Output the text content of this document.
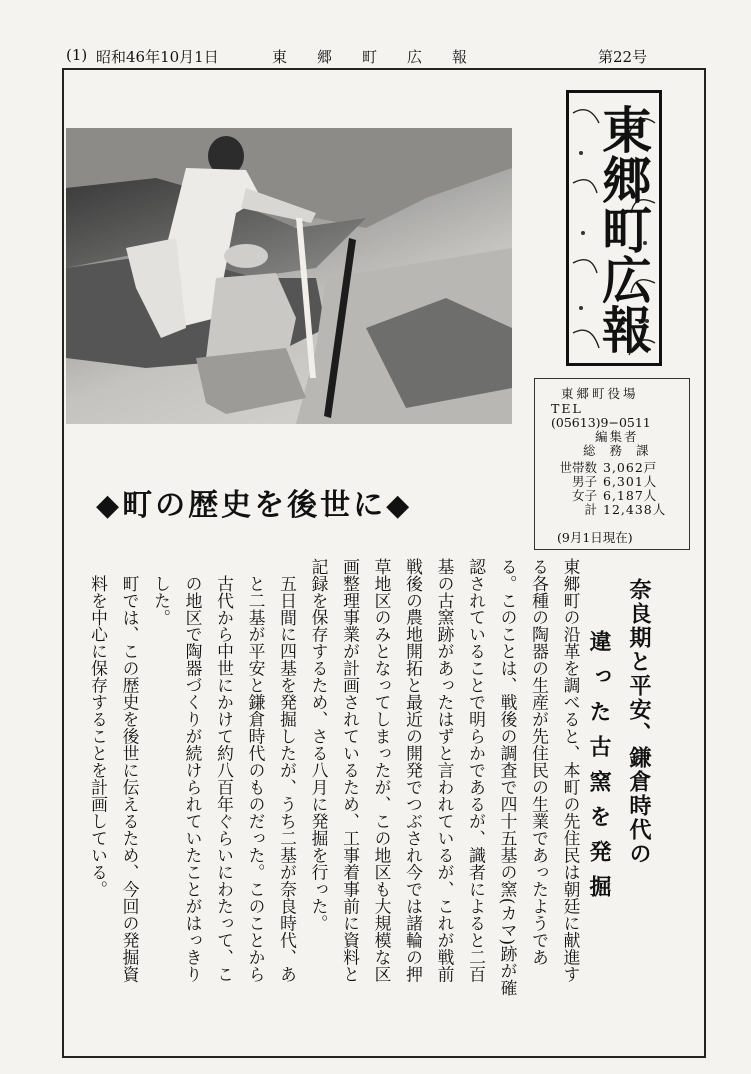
(1) 昭和46年10月1日	東郷町広報	第22号
東郷町広報
東郷町役場
TEL
(05613)9−0511
編集者
総務課
世帯数 3,062戸
男子 6,301人
女子 6,187人
計 12,438人
(9月1日現在)
◆町の歴史を後世に◆
奈良期と平安、鎌倉時代の
違った古窯を発掘

東郷町の沿革を調べると、本町の先住民は朝廷に献進する各種の陶器の生産が先住民の生業であったようである。このことは、戦後の調査で四十五基の窯(カマ)跡が確認されていることで明らかであるが、識者によると二百基の古窯跡があったはずと言われているが、これが戦前戦後の農地開拓と最近の開発でつぶされ今では諸輪の押草地区のみとなってしまったが、この地区も大規模な区画整理事業が計画されているため、工事着事前に資料と記録を保存するため、さる八月に発掘を行った。

五日間に四基を発掘したが、うち二基が奈良時代、あと二基が平安と鎌倉時代のものだった。このことから古代から中世にかけて約八百年ぐらいにわたって、この地区で陶器づくりが続けられていたことがはっきりした。

町では、この歴史を後世に伝えるため、今回の発掘資料を中心に保存することを計画している。
